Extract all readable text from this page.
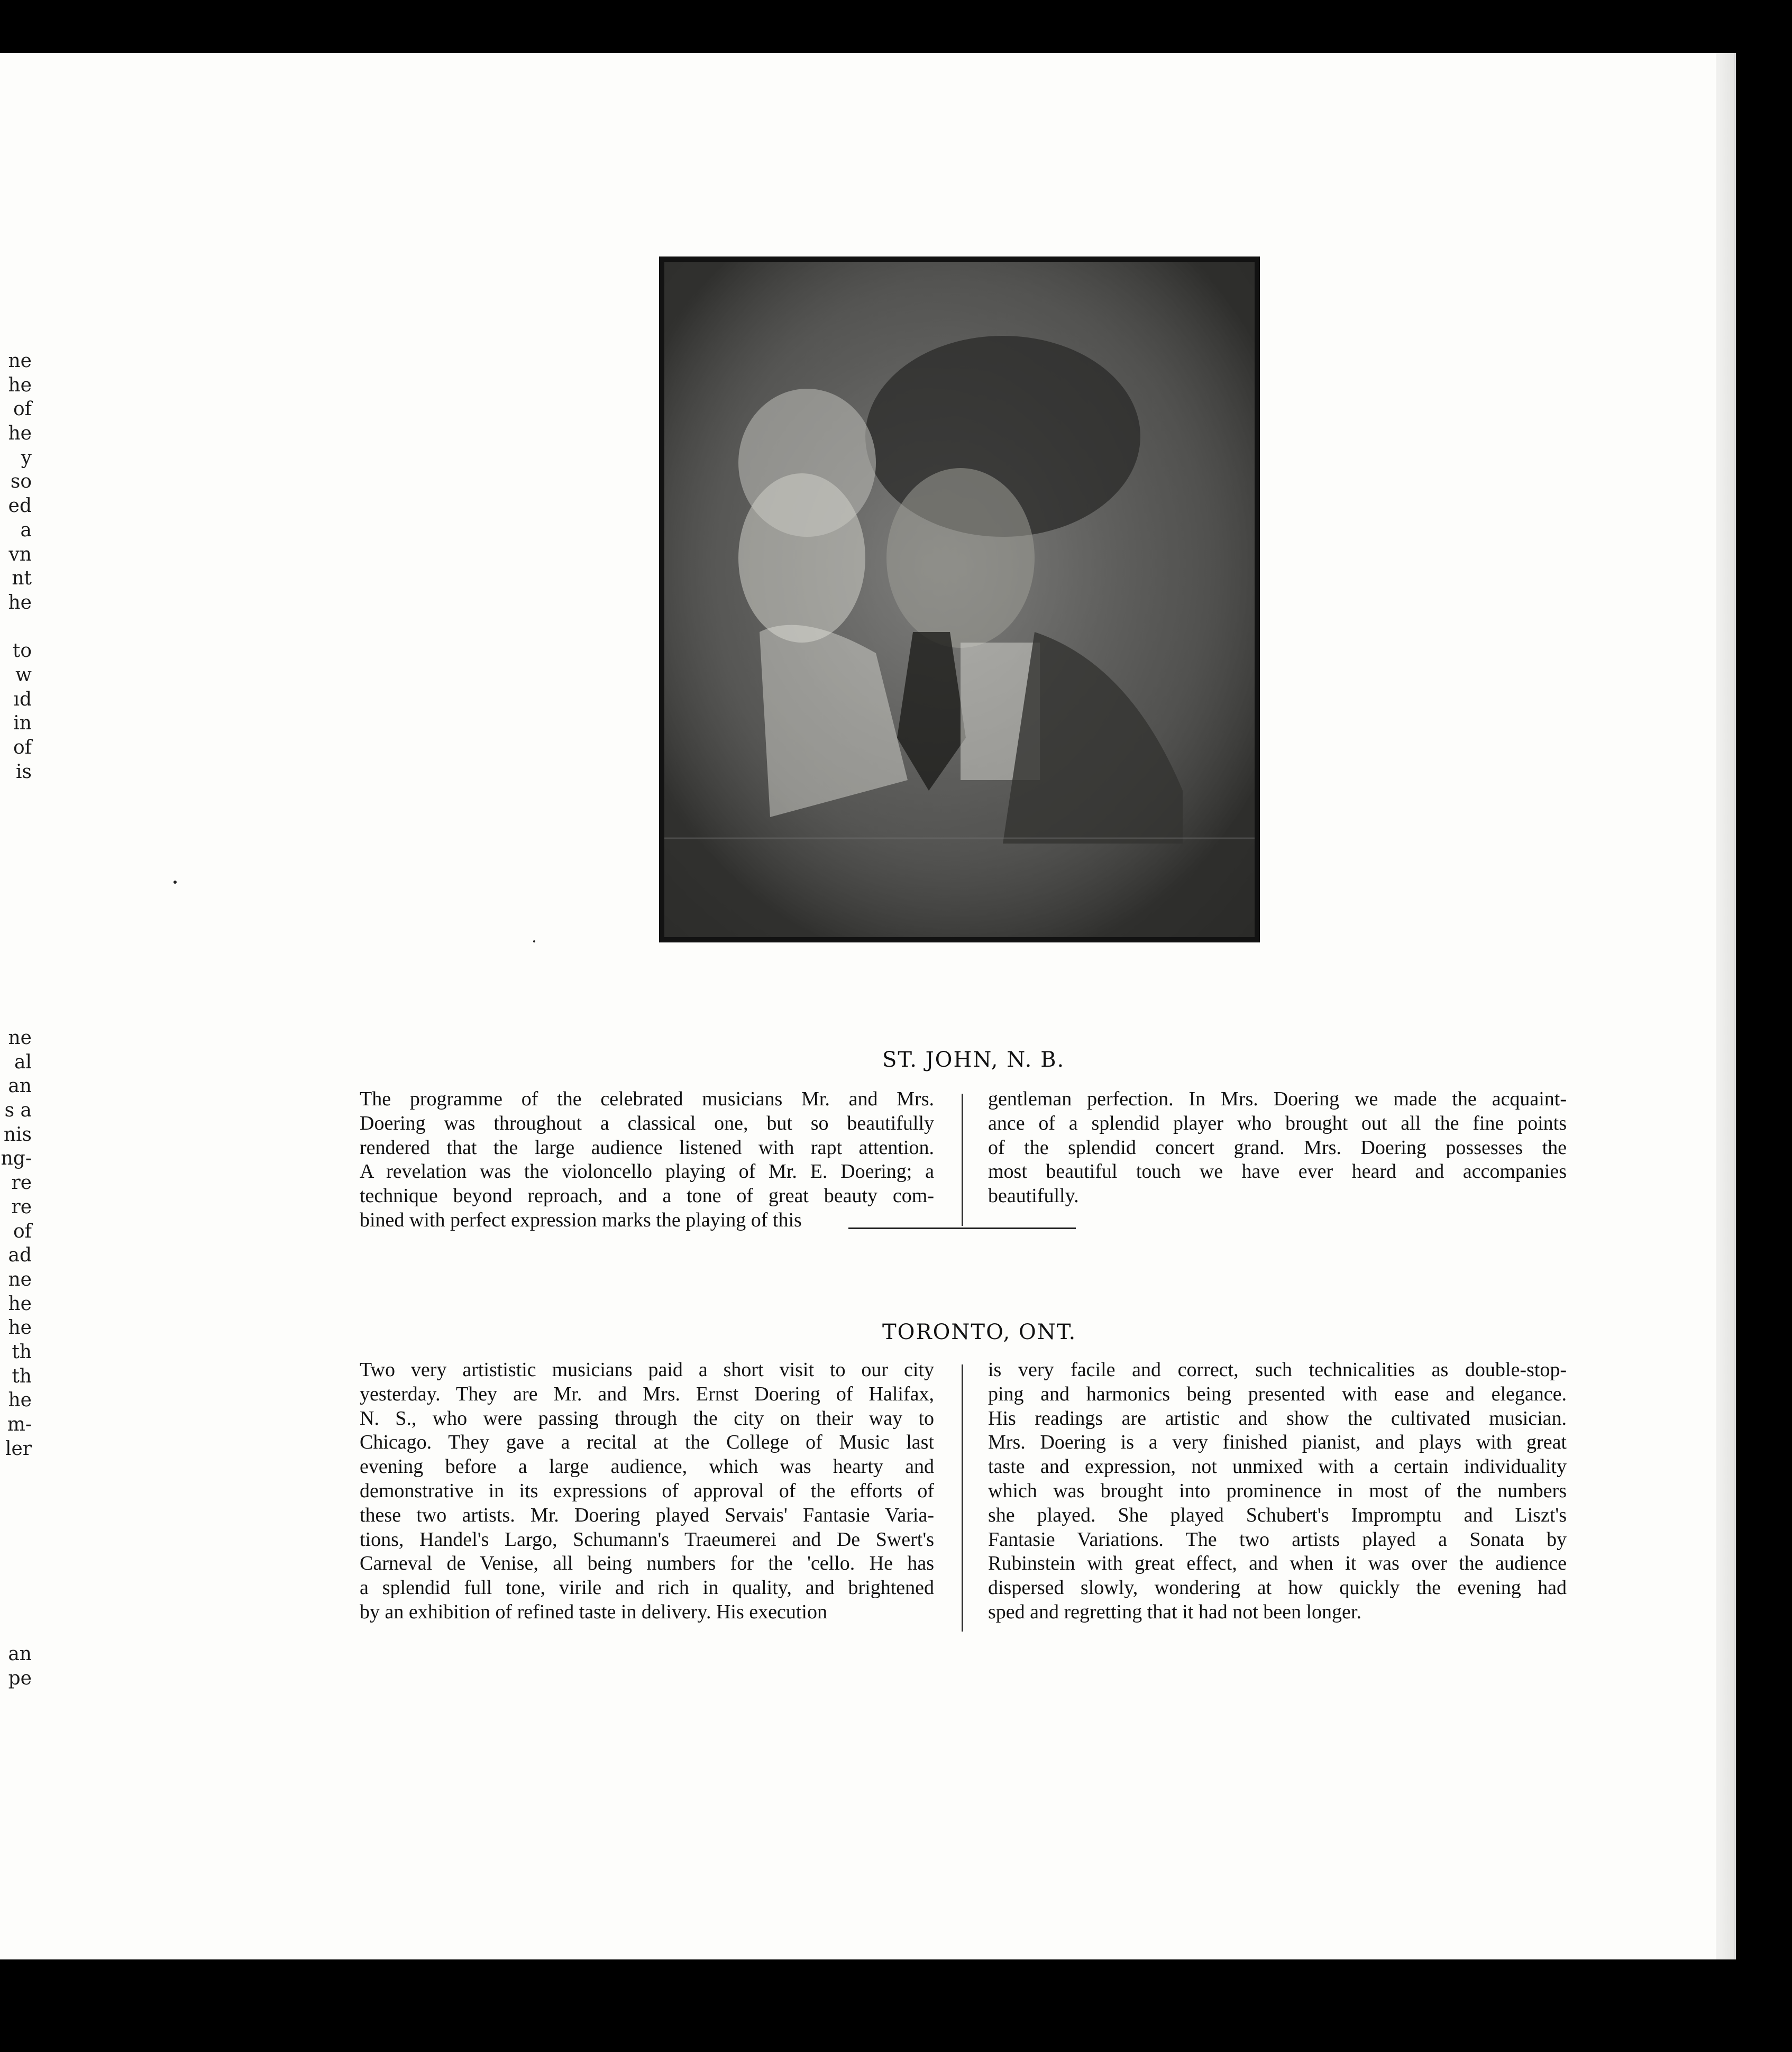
ne
he
of
he
y
so
ed
a
vn
nt
he
to
w
ıd
in
of
is
ne
al
an
s a
nis
ng-
re
re
of
ad
ne
he
he
th
th
he
m-
ler
an
pe
ST. JOHN, N. B.
The programme of the celebrated musicians Mr. and Mrs.
Doering was throughout a classical one, but so beautifully
rendered that the large audience listened with rapt attention.
A revelation was the violoncello playing of Mr. E. Doering; a
technique beyond reproach, and a tone of great beauty com-
bined with perfect expression marks the playing of this
gentleman perfection. In Mrs. Doering we made the acquaint-
ance of a splendid player who brought out all the fine points
of the splendid concert grand. Mrs. Doering possesses the
most beautiful touch we have ever heard and accompanies
beautifully.
TORONTO, ONT.
Two very artististic musicians paid a short visit to our city
yesterday. They are Mr. and Mrs. Ernst Doering of Halifax,
N. S., who were passing through the city on their way to
Chicago. They gave a recital at the College of Music last
evening before a large audience, which was hearty and
demonstrative in its expressions of approval of the efforts of
these two artists. Mr. Doering played Servais' Fantasie Varia-
tions, Handel's Largo, Schumann's Traeumerei and De Swert's
Carneval de Venise, all being numbers for the 'cello. He has
a splendid full tone, virile and rich in quality, and brightened
by an exhibition of refined taste in delivery. His execution
is very facile and correct, such technicalities as double-stop-
ping and harmonics being presented with ease and elegance.
His readings are artistic and show the cultivated musician.
Mrs. Doering is a very finished pianist, and plays with great
taste and expression, not unmixed with a certain individuality
which was brought into prominence in most of the numbers
she played. She played Schubert's Impromptu and Liszt's
Fantasie Variations. The two artists played a Sonata by
Rubinstein with great effect, and when it was over the audience
dispersed slowly, wondering at how quickly the evening had
sped and regretting that it had not been longer.
